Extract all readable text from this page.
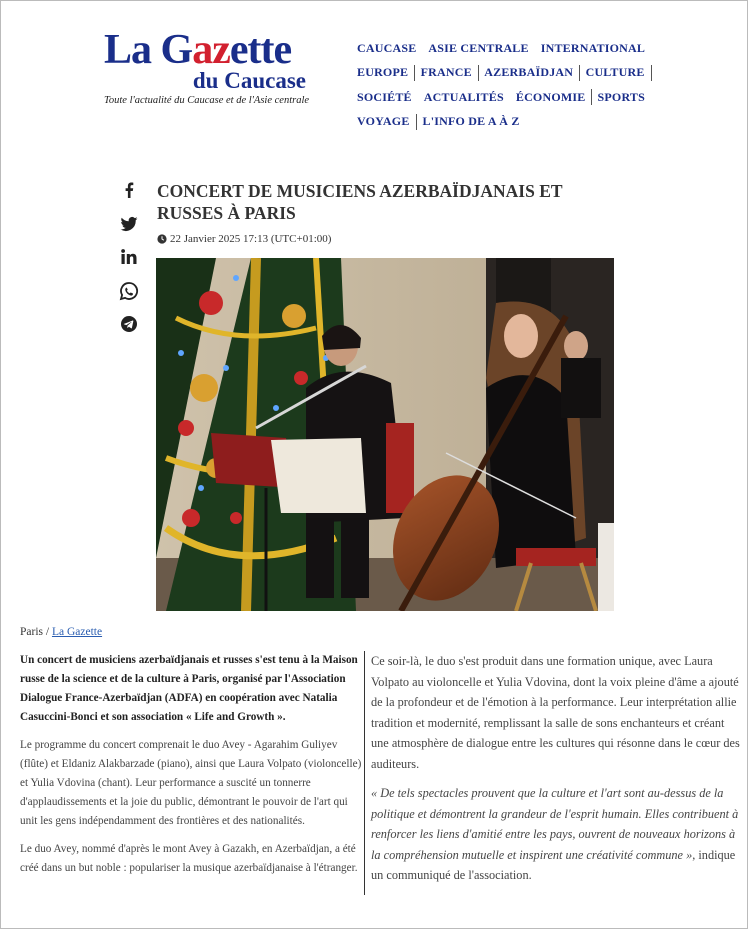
La Gazette
du Caucase
Toute l'actualité du Caucase et de l'Asie centrale
CAUCASE ASIE CENTRALE INTERNATIONAL
EUROPE FRANCE AZERBAÏDJAN CULTURE
SOCIÉTÉ ACTUALITÉS ÉCONOMIE SPORTS
VOYAGE L'INFO DE A À Z
CONCERT DE MUSICIENS AZERBAÏDJANAIS ET RUSSES À PARIS
22 Janvier 2025 17:13 (UTC+01:00)
Paris / La Gazette

Un concert de musiciens azerbaïdjanais et russes s'est tenu à la Maison russe de la science et de la culture à Paris, organisé par l'Association Dialogue France-Azerbaïdjan (ADFA) en coopération avec Natalia Casuccini-Bonci et son association « Life and Growth ».

Le programme du concert comprenait le duo Avey - Agarahim Guliyev (flûte) et Eldaniz Alakbarzade (piano), ainsi que Laura Volpato (violoncelle) et Yulia Vdovina (chant). Leur performance a suscité un tonnerre d'applaudissements et la joie du public, démontrant le pouvoir de l'art qui unit les gens indépendamment des frontières et des nationalités.

Le duo Avey, nommé d'après le mont Avey à Gazakh, en Azerbaïdjan, a été créé dans un but noble : populariser la musique azerbaïdjanaise à l'étranger.

Ce soir-là, le duo s'est produit dans une formation unique, avec Laura Volpato au violoncelle et Yulia Vdovina, dont la voix pleine d'âme a ajouté de la profondeur et de l'émotion à la performance. Leur interprétation allie tradition et modernité, remplissant la salle de sons enchanteurs et créant une atmosphère de dialogue entre les cultures qui résonne dans le cœur des auditeurs.

« De tels spectacles prouvent que la culture et l'art sont au-dessus de la politique et démontrent la grandeur de l'esprit humain. Elles contribuent à renforcer les liens d'amitié entre les pays, ouvrent de nouveaux horizons à la compréhension mutuelle et inspirent une créativité commune », indique un communiqué de l'association.
